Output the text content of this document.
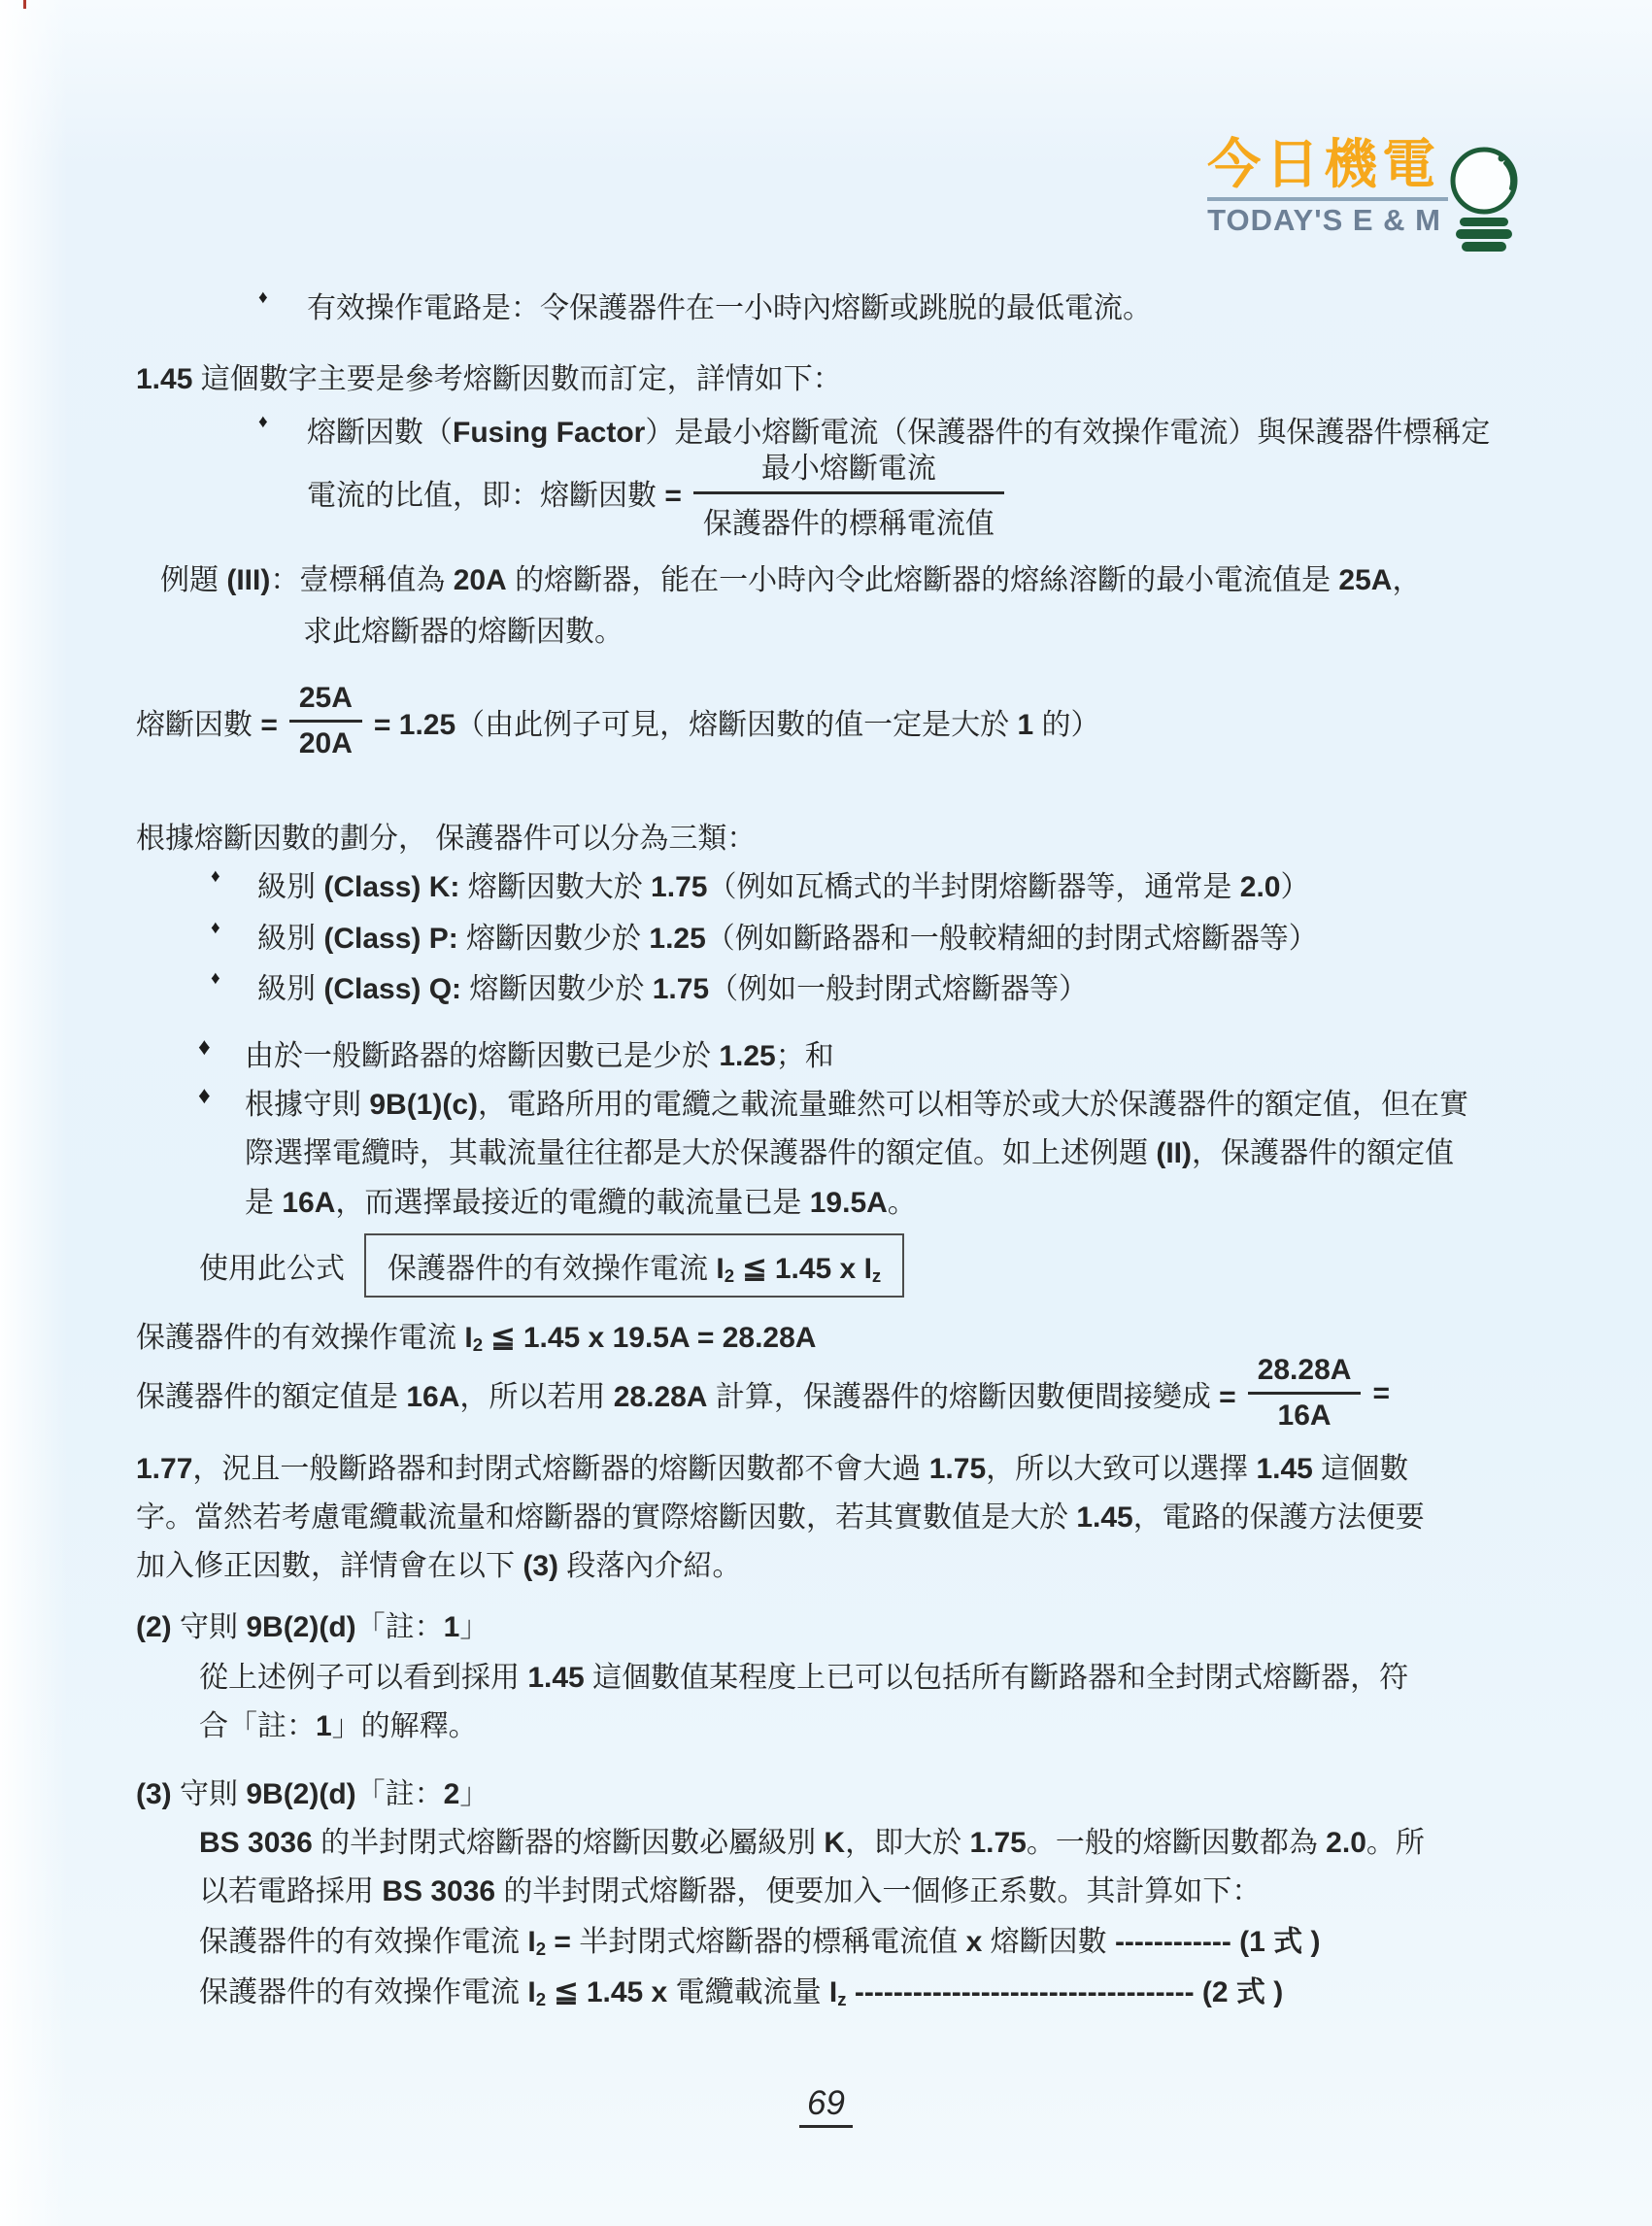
今日機電
TODAY'S E & M
♦ 有效操作電路是：令保護器件在一小時內熔斷或跳脱的最低電流。
1.45 這個數字主要是參考熔斷因數而訂定，詳情如下：
♦ 熔斷因數（Fusing Factor）是最小熔斷電流（保護器件的有效操作電流）與保護器件標稱定
電流的比值，即：熔斷因數 = $\frac{\text{最小熔斷電流}}{\text{保護器件的標稱電流值}}$
例題 (III)：壹標稱值為 20A 的熔斷器，能在一小時內令此熔斷器的熔絲溶斷的最小電流值是 25A，
求此熔斷器的熔斷因數。
熔斷因數 = $\frac{25A}{20A} = 1.25$（由此例子可見，熔斷因數的值一定是大於 1 的）
根據熔斷因數的劃分， 保護器件可以分為三類：
♦ 級別 (Class) K: 熔斷因數大於 1.75（例如瓦橋式的半封閉熔斷器等，通常是 2.0）
♦ 級別 (Class) P: 熔斷因數少於 1.25（例如斷路器和一般較精細的封閉式熔斷器等）
♦ 級別 (Class) Q: 熔斷因數少於 1.75（例如一般封閉式熔斷器等）
♦ 由於一般斷路器的熔斷因數已是少於 1.25；和
♦ 根據守則 9B(1)(c)，電路所用的電纜之載流量雖然可以相等於或大於保護器件的額定值，但在實
際選擇電纜時，其載流量往往都是大於保護器件的額定值。如上述例題 (II)，保護器件的額定值
是 16A，而選擇最接近的電纜的載流量已是 19.5A。
使用此公式	保護器件的有效操作電流 I2 ≦ 1.45 x Iz
保護器件的有效操作電流 I2 ≦ 1.45 x 19.5A = 28.28A
保護器件的額定值是 16A，所以若用 28.28A 計算，保護器件的熔斷因數便間接變成 = $\frac{28.28A}{16A}$ =
1.77，況且一般斷路器和封閉式熔斷器的熔斷因數都不會大過 1.75，所以大致可以選擇 1.45 這個數
字。當然若考慮電纜載流量和熔斷器的實際熔斷因數，若其實數值是大於 1.45，電路的保護方法便要
加入修正因數，詳情會在以下 (3) 段落內介紹。
(2) 守則 9B(2)(d)「註：1」
從上述例子可以看到採用 1.45 這個數值某程度上已可以包括所有斷路器和全封閉式熔斷器，符
合「註：1」的解釋。
(3) 守則 9B(2)(d)「註：2」
BS 3036 的半封閉式熔斷器的熔斷因數必屬級別 K，即大於 1.75。一般的熔斷因數都為 2.0。所
以若電路採用 BS 3036 的半封閉式熔斷器，便要加入一個修正系數。其計算如下：
保護器件的有效操作電流 I2 = 半封閉式熔斷器的標稱電流值 x 熔斷因數 ------------ (1 式 )
保護器件的有效操作電流 I2 ≦ 1.45 x 電纜載流量 Iz ----------------------------------- (2 式 )
69
